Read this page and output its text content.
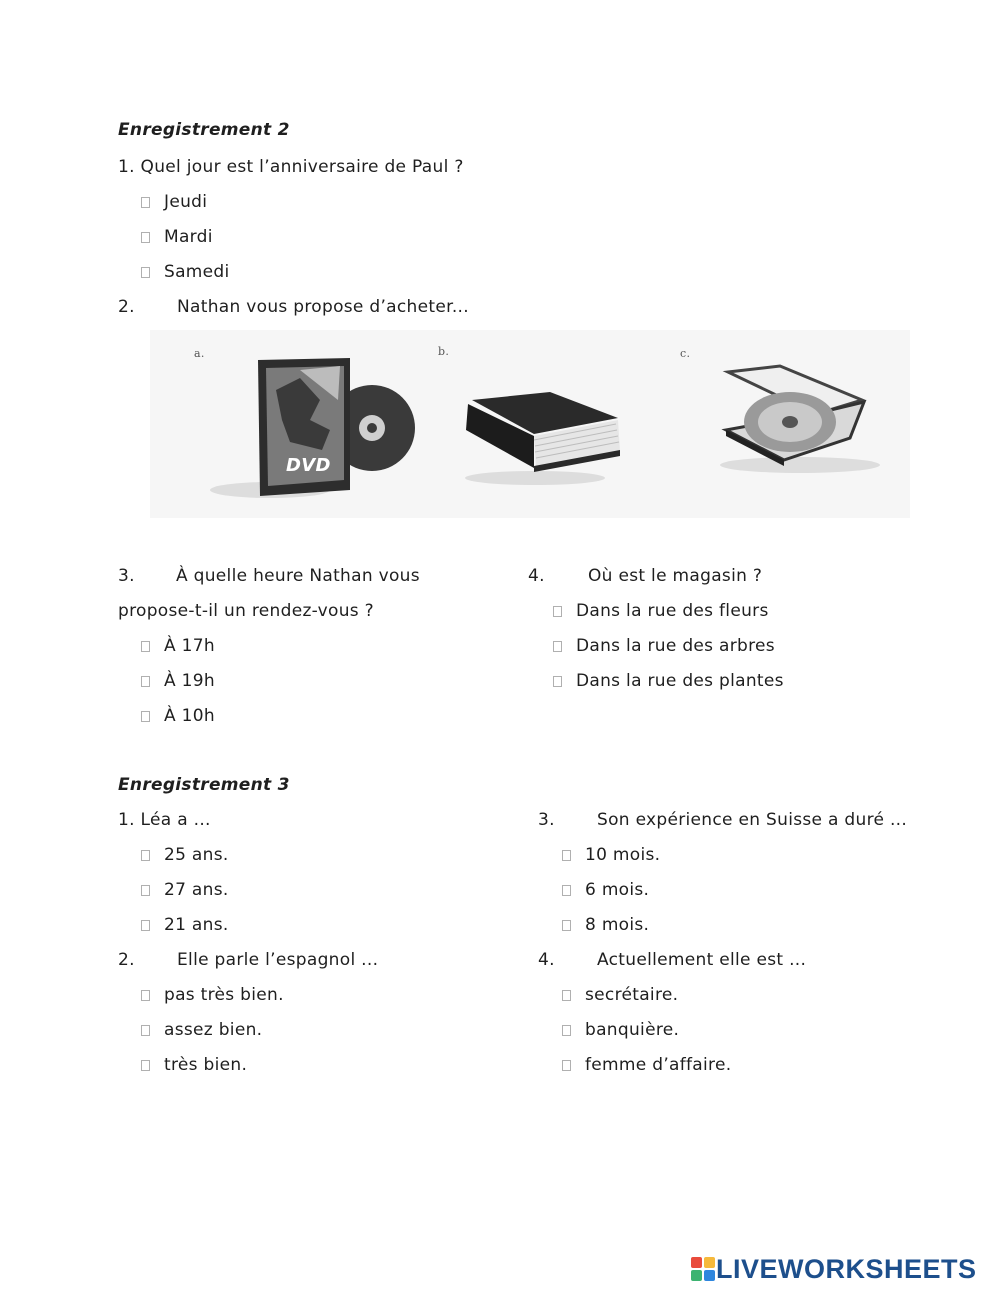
Enregistrement 2
1. Quel jour est l’anniversaire de Paul ?
Jeudi
Mardi
Samedi
2. Nathan vous propose d’acheter...
a.
DVD
b.	c.
3. À quelle heure Nathan vous
propose-t-il un rendez-vous ?
À 17h
À 19h
À 10h
4.	Où est le magasin ?
Dans la rue des fleurs
Dans la rue des arbres
Dans la rue des plantes
Enregistrement 3
1. Léa a ...
25 ans.
27 ans.
21 ans.
2. Elle parle l’espagnol ...
pas très bien.
assez bien.
très bien.
3. Son expérience en Suisse a duré ...
10 mois.
6 mois.
8 mois.
4. Actuellement elle est ...
secrétaire.
banquière.
femme d’affaire.
LIVEWORKSHEETS
